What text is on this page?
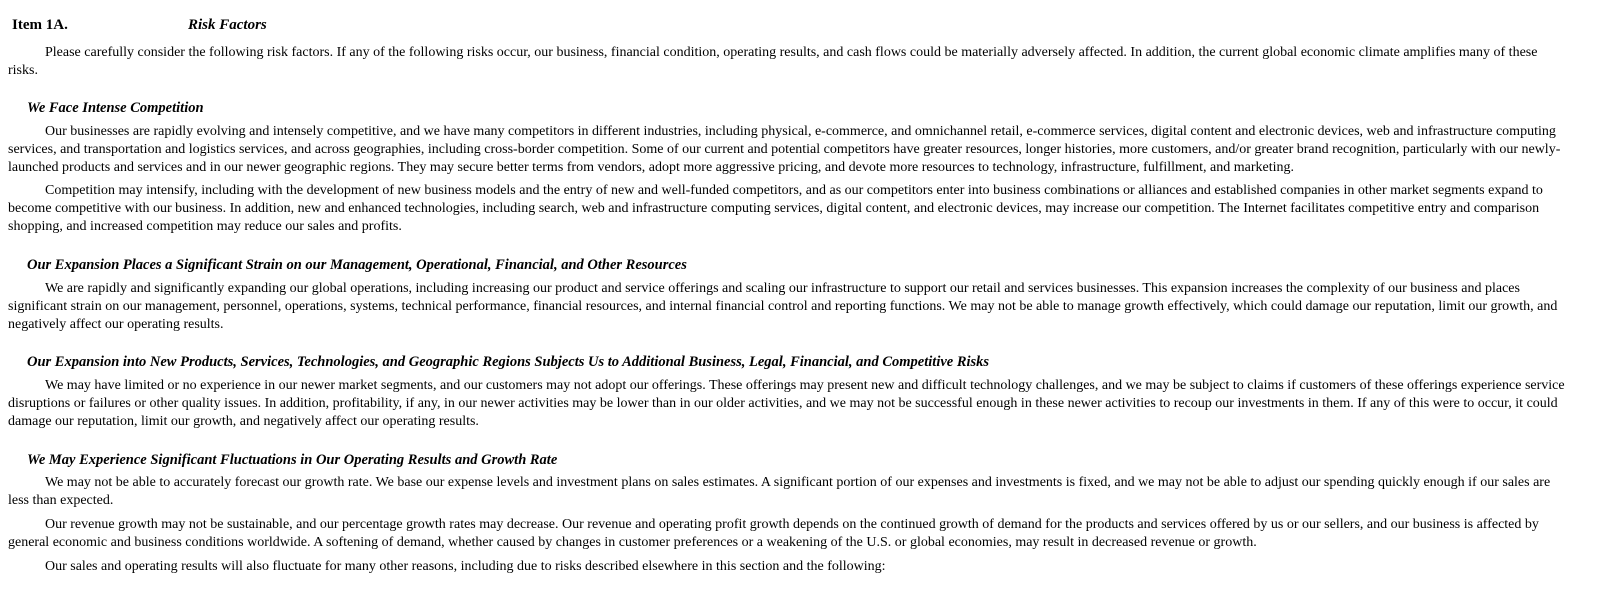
Item 1A.	Risk Factors

Please carefully consider the following risk factors. If any of the following risks occur, our business, financial condition, operating results, and cash flows could be materially adversely affected. In addition, the current global economic climate amplifies many of these risks.

We Face Intense Competition

Our businesses are rapidly evolving and intensely competitive, and we have many competitors in different industries, including physical, e-commerce, and omnichannel retail, e-commerce services, digital content and electronic devices, web and infrastructure computing services, and transportation and logistics services, and across geographies, including cross-border competition. Some of our current and potential competitors have greater resources, longer histories, more customers, and/or greater brand recognition, particularly with our newly-launched products and services and in our newer geographic regions. They may secure better terms from vendors, adopt more aggressive pricing, and devote more resources to technology, infrastructure, fulfillment, and marketing.

Competition may intensify, including with the development of new business models and the entry of new and well-funded competitors, and as our competitors enter into business combinations or alliances and established companies in other market segments expand to become competitive with our business. In addition, new and enhanced technologies, including search, web and infrastructure computing services, digital content, and electronic devices, may increase our competition. The Internet facilitates competitive entry and comparison shopping, and increased competition may reduce our sales and profits.

Our Expansion Places a Significant Strain on our Management, Operational, Financial, and Other Resources

We are rapidly and significantly expanding our global operations, including increasing our product and service offerings and scaling our infrastructure to support our retail and services businesses. This expansion increases the complexity of our business and places significant strain on our management, personnel, operations, systems, technical performance, financial resources, and internal financial control and reporting functions. We may not be able to manage growth effectively, which could damage our reputation, limit our growth, and negatively affect our operating results.

Our Expansion into New Products, Services, Technologies, and Geographic Regions Subjects Us to Additional Business, Legal, Financial, and Competitive Risks

We may have limited or no experience in our newer market segments, and our customers may not adopt our offerings. These offerings may present new and difficult technology challenges, and we may be subject to claims if customers of these offerings experience service disruptions or failures or other quality issues. In addition, profitability, if any, in our newer activities may be lower than in our older activities, and we may not be successful enough in these newer activities to recoup our investments in them. If any of this were to occur, it could damage our reputation, limit our growth, and negatively affect our operating results.

We May Experience Significant Fluctuations in Our Operating Results and Growth Rate

We may not be able to accurately forecast our growth rate. We base our expense levels and investment plans on sales estimates. A significant portion of our expenses and investments is fixed, and we may not be able to adjust our spending quickly enough if our sales are less than expected.

Our revenue growth may not be sustainable, and our percentage growth rates may decrease. Our revenue and operating profit growth depends on the continued growth of demand for the products and services offered by us or our sellers, and our business is affected by general economic and business conditions worldwide. A softening of demand, whether caused by changes in customer preferences or a weakening of the U.S. or global economies, may result in decreased revenue or growth.

Our sales and operating results will also fluctuate for many other reasons, including due to risks described elsewhere in this section and the following:
